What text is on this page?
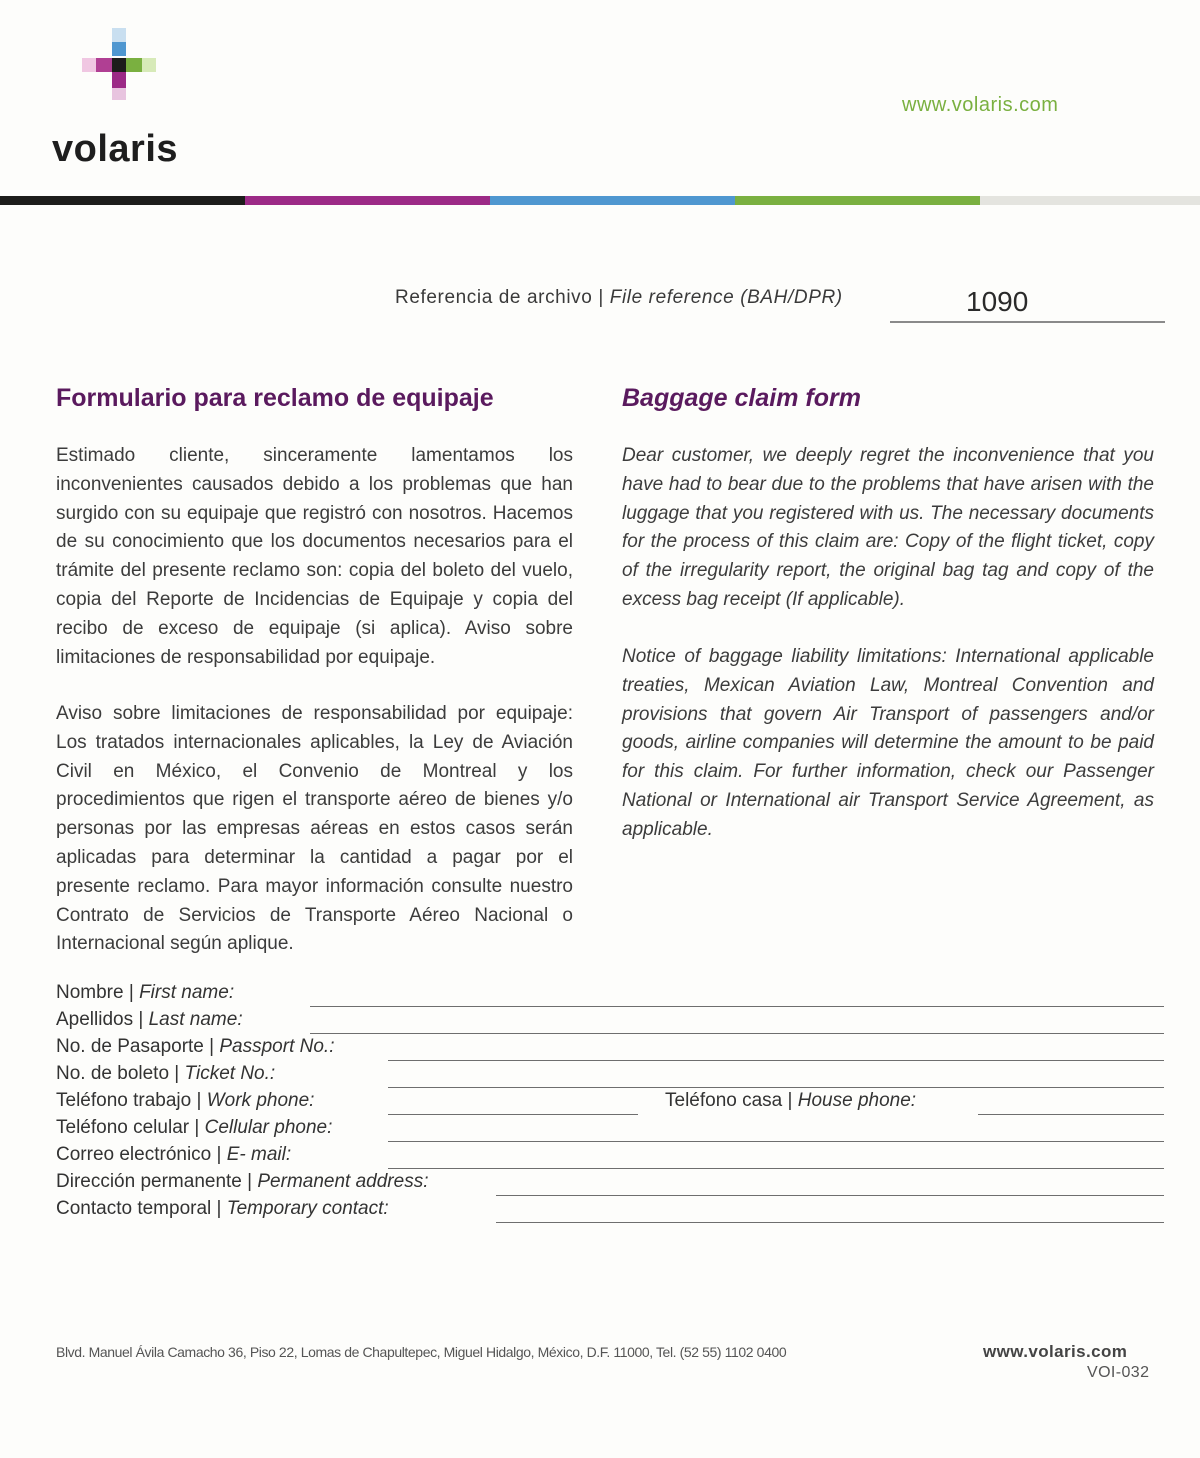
volaris
www.volaris.com
Referencia de archivo | File reference (BAH/DPR)	1090
Formulario para reclamo de equipaje	Baggage claim form

Estimado cliente, sinceramente lamentamos los inconvenientes causados debido a los problemas que han surgido con su equipaje que registró con nosotros. Hacemos de su conocimiento que los documentos necesarios para el trámite del presente reclamo son: copia del boleto del vuelo, copia del Reporte de Incidencias de Equipaje y copia del recibo de exceso de equipaje (si aplica). Aviso sobre limitaciones de responsabilidad por equipaje.

Aviso sobre limitaciones de responsabilidad por equipaje: Los tratados internacionales aplicables, la Ley de Aviación Civil en México, el Convenio de Montreal y los procedimientos que rigen el transporte aéreo de bienes y/o personas por las empresas aéreas en estos casos serán aplicadas para determinar la cantidad a pagar por el presente reclamo. Para mayor información consulte nuestro Contrato de Servicios de Transporte Aéreo Nacional o Internacional según aplique.

Dear customer, we deeply regret the inconvenience that you have had to bear due to the problems that have arisen with the luggage that you registered with us. The necessary documents for the process of this claim are: Copy of the flight ticket, copy of the irregularity report, the original bag tag and copy of the excess bag receipt (If applicable).

Notice of baggage liability limitations: International applicable treaties, Mexican Aviation Law, Montreal Convention and provisions that govern Air Transport of passengers and/or goods, airline companies will determine the amount to be paid for this claim. For further information, check our Passenger National or International air Transport Service Agreement, as applicable.

Nombre | First name:
Apellidos | Last name:
No. de Pasaporte | Passport No.:
No. de boleto | Ticket No.:
Teléfono trabajo | Work phone:	Teléfono casa | House phone:
Teléfono celular | Cellular phone:
Correo electrónico | E- mail:
Dirección permanente | Permanent address:
Contacto temporal | Temporary contact:
Blvd. Manuel Ávila Camacho 36, Piso 22, Lomas de Chapultepec, Miguel Hidalgo, México, D.F. 11000, Tel. (52 55) 1102 0400	www.volaris.com
VOI-032
